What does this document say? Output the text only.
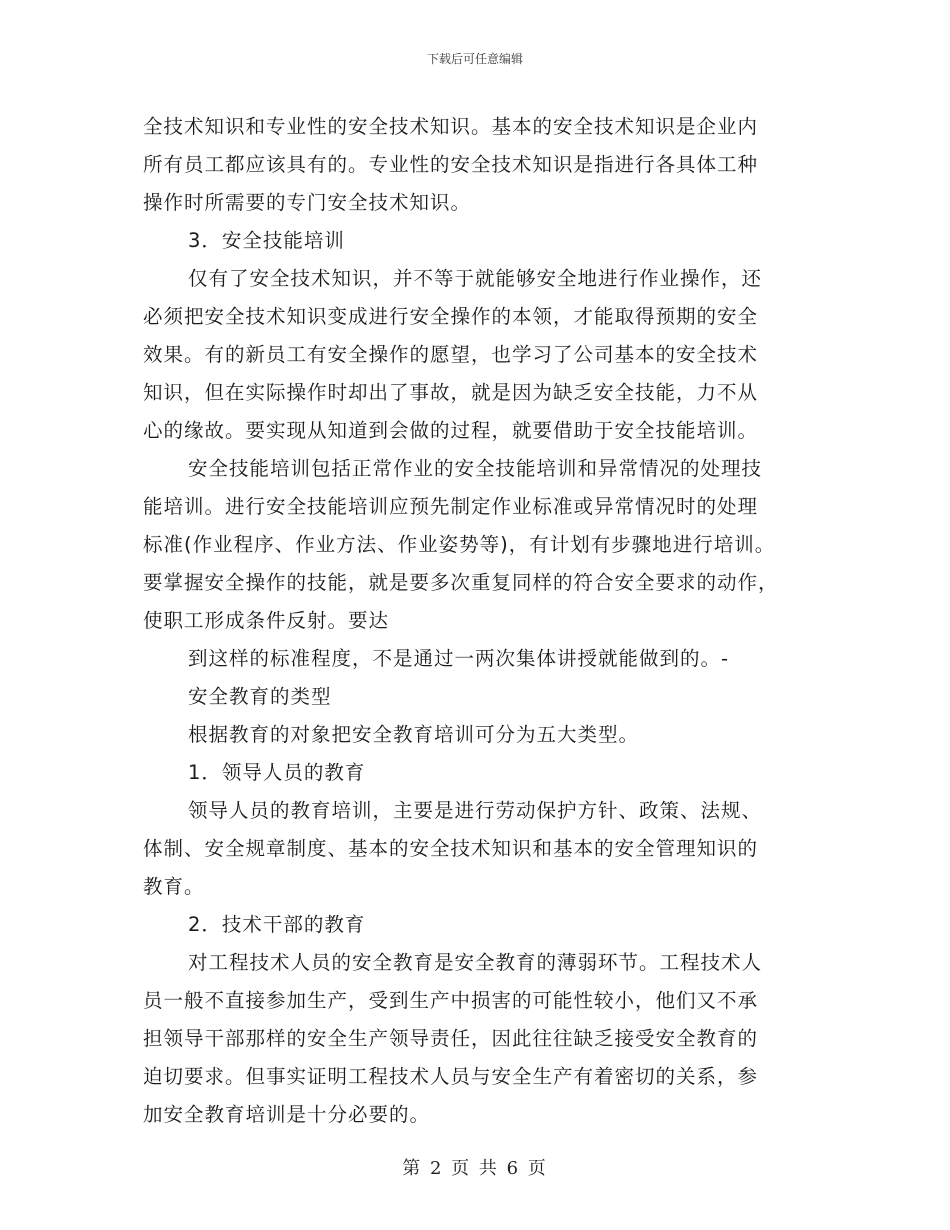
下载后可任意编辑
全技术知识和专业性的安全技术知识。基本的安全技术知识是企业内
所有员工都应该具有的。专业性的安全技术知识是指进行各具体工种
操作时所需要的专门安全技术知识。
3．安全技能培训
仅有了安全技术知识，并不等于就能够安全地进行作业操作，还
必须把安全技术知识变成进行安全操作的本领，才能取得预期的安全
效果。有的新员工有安全操作的愿望，也学习了公司基本的安全技术
知识，但在实际操作时却出了事故，就是因为缺乏安全技能，力不从
心的缘故。要实现从知道到会做的过程，就要借助于安全技能培训。
安全技能培训包括正常作业的安全技能培训和异常情况的处理技
能培训。进行安全技能培训应预先制定作业标准或异常情况时的处理
标准(作业程序、作业方法、作业姿势等)，有计划有步骤地进行培训。
要掌握安全操作的技能，就是要多次重复同样的符合安全要求的动作，
使职工形成条件反射。要达
到这样的标准程度，不是通过一两次集体讲授就能做到的。-
安全教育的类型
根据教育的对象把安全教育培训可分为五大类型。
1．领导人员的教育
领导人员的教育培训，主要是进行劳动保护方针、政策、法规、
体制、安全规章制度、基本的安全技术知识和基本的安全管理知识的
教育。
2．技术干部的教育
对工程技术人员的安全教育是安全教育的薄弱环节。工程技术人
员一般不直接参加生产，受到生产中损害的可能性较小，他们又不承
担领导干部那样的安全生产领导责任，因此往往缺乏接受安全教育的
迫切要求。但事实证明工程技术人员与安全生产有着密切的关系，参
加安全教育培训是十分必要的。
第 2 页 共 6 页
